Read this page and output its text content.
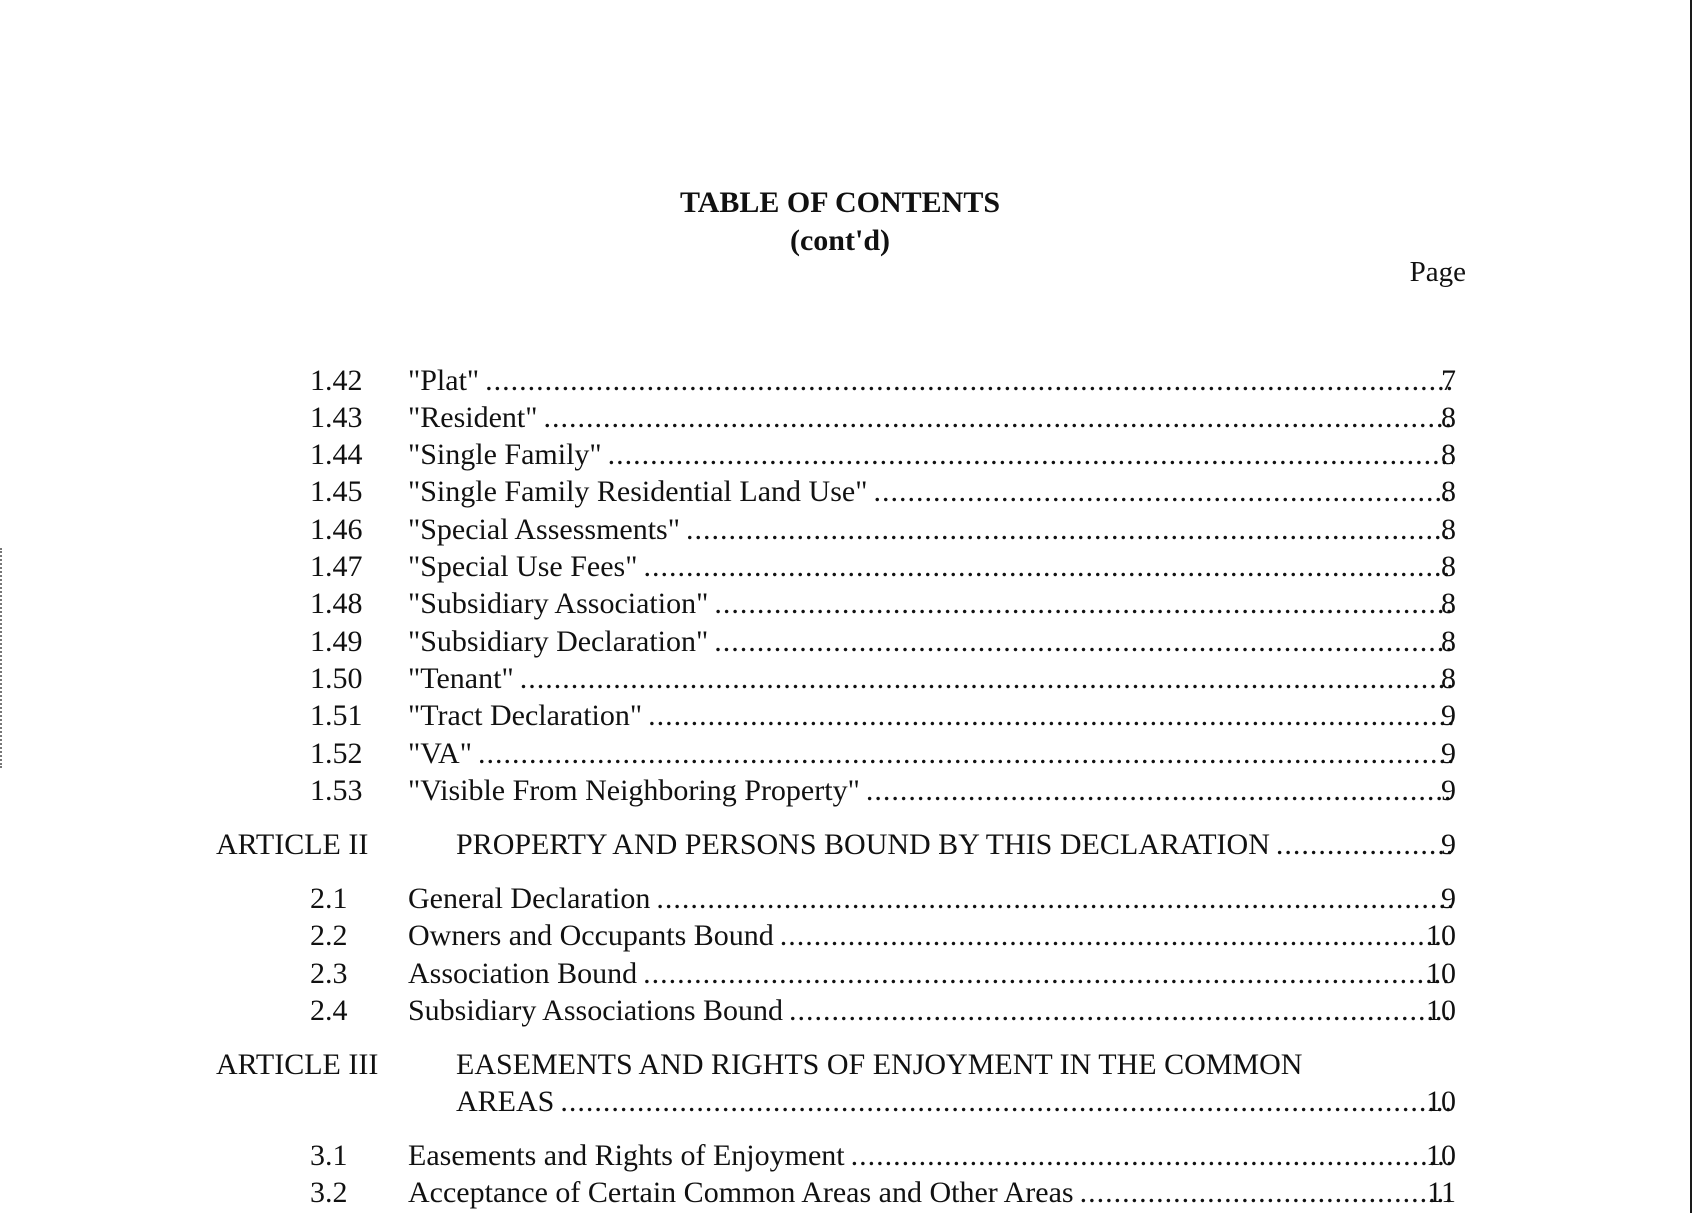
TABLE OF CONTENTS
(cont'd)
Page
1.42	"Plat" .....	7
1.43	"Resident" .....	8
1.44	"Single Family" .....	8
1.45	"Single Family Residential Land Use" .....	8
1.46	"Special Assessments" .....	8
1.47	"Special Use Fees" .....	8
1.48	"Subsidiary Association" .....	8
1.49	"Subsidiary Declaration" .....	8
1.50	"Tenant" .....	8
1.51	"Tract Declaration" .....	9
1.52	"VA" .....	9
1.53	"Visible From Neighboring Property" .....	9
ARTICLE II	PROPERTY AND PERSONS BOUND BY THIS DECLARATION .....	9
2.1	General Declaration .....	9
2.2	Owners and Occupants Bound .....	10
2.3	Association Bound .....	10
2.4	Subsidiary Associations Bound .....	10
ARTICLE III	EASEMENTS AND RIGHTS OF ENJOYMENT IN THE COMMON
AREAS .....	10
3.1	Easements and Rights of Enjoyment .....	10
3.2	Acceptance of Certain Common Areas and Other Areas .....	11
